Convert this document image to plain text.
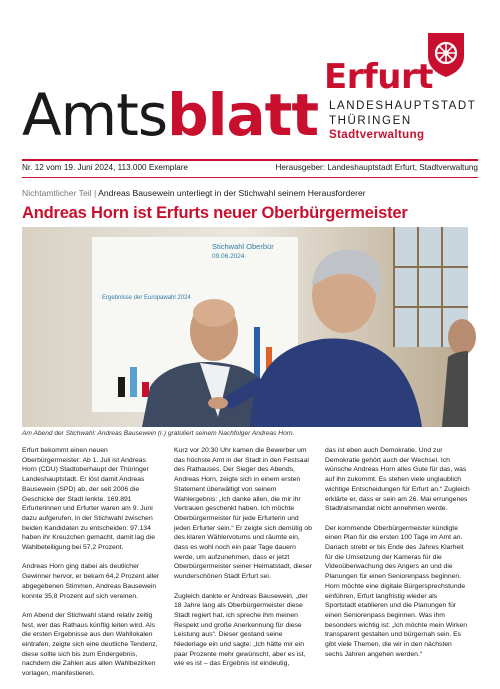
Amtsblatt
Erfurt
LANDESHAUPTSTADT
THÜRINGEN
Stadtverwaltung
Nr. 12 vom 19. Juni 2024, 113.000 Exemplare	Herausgeber: Landeshauptstadt Erfurt, Stadtverwaltung
Nichtamtlicher Teil | Andreas Bausewein unterliegt in der Stichwahl seinem Herausforderer
Andreas Horn ist Erfurts neuer Oberbürgermeister
Stichwahl Oberbür
09.06.2024
Ergebnisse der Europawahl 2024
Am Abend der Stichwahl: Andreas Bausewein (r.) gratuliert seinem Nachfolger Andreas Horn.

Erfurt bekommt einen neuen Oberbürgermeister: Ab 1. Juli ist Andreas Horn (CDU) Stadtoberhaupt der Thüringer Landeshauptstadt. Er löst damit Andreas Bausewein (SPD) ab, der seit 2006 die Geschicke der Stadt lenkte. 169.891 Erfurterinnen und Erfurter waren am 9. Juni dazu aufgerufen, in der Stichwahl zwischen beiden Kandidaten zu entscheiden: 97.134 haben ihr Kreuzchen gemacht, damit lag die Wahlbeteiligung bei 57,2 Prozent.

Andreas Horn ging dabei als deutlicher Gewinner hervor, er bekam 64,2 Prozent aller abgegebenen Stimmen, Andreas Bausewein konnte 35,8 Prozent auf sich vereinen.

Am Abend der Stichwahl stand relativ zeitig fest, wer das Rathaus künftig leiten wird. Als die ersten Ergebnisse aus den Wahllokalen eintrafen, zeigte sich eine deutliche Tendenz, diese sollte sich bis zum Endergebnis, nachdem die Zahlen aus allen Wahlbezirken vorlagen, manifestieren.

Kurz vor 20:30 Uhr kamen die Bewerber um das höchste Amt in der Stadt in den Festsaal des Rathauses. Der Sieger des Abends, Andreas Horn, zeigte sich in einem ersten Statement überwältigt von seinem Wahlergebnis: „Ich danke allen, die mir ihr Vertrauen geschenkt haben. Ich möchte Oberbürgermeister für jede Erfurterin und jeden Erfurter sein.“ Er zeigte sich demütig ob des klaren Wählervotums und räumte ein, dass es wohl noch ein paar Tage dauern werde, um aufzunehmen, dass er jetzt Oberbürgermeister seiner Heimatstadt, dieser wunderschönen Stadt Erfurt sei.

Zugleich dankte er Andreas Bausewein, „der 18 Jahre lang als Oberbürgermeister diese Stadt regiert hat, ich spreche ihm meinen Respekt und große Anerkennung für diese Leistung aus“. Dieser gestand seine Niederlage ein und sagte: „Ich hätte mir ein paar Prozente mehr gewünscht, aber es ist, wie es ist – das Ergebnis ist eindeutig,

das ist eben auch Demokratie. Und zur Demokratie gehört auch der Wechsel. Ich wünsche Andreas Horn alles Gute für das, was auf ihn zukommt. Es stehen viele unglaublich wichtige Entscheidungen für Erfurt an.“ Zugleich erklärte er, dass er sein am 26. Mai errungenes Stadtratsmandat nicht annehmen werde.

Der kommende Oberbürgermeister kündigte einen Plan für die ersten 100 Tage im Amt an. Danach strebt er bis Ende des Jahres Klarheit für die Umsetzung der Kameras für die Videoüberwachung des Angers an und die Planungen für einen Seniorenpass beginnen. Horn möchte eine digitale Bürgersprechstunde einführen, Erfurt langfristig wieder als Sportstadt etablieren und die Planungen für einen Seniorenpass beginnen. Was ihm besonders wichtig ist: „Ich möchte mein Wirken transparent gestalten und bürgernah sein. Es gibt viele Themen, die wir in den nächsten sechs Jahren angehen werden.“
